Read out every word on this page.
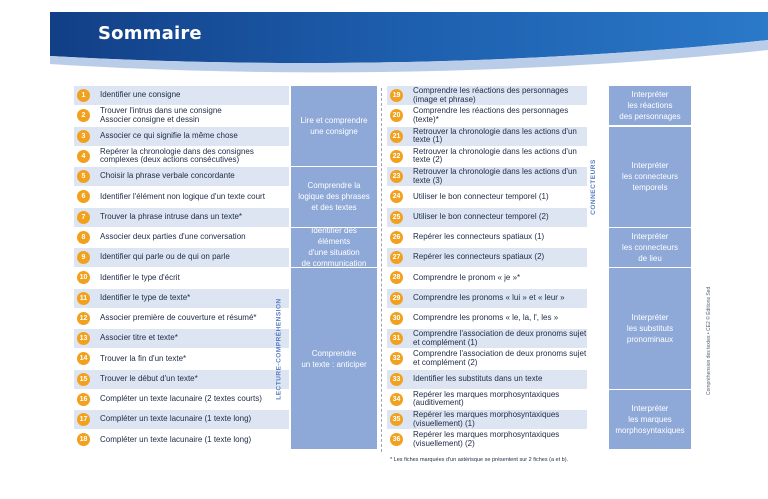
Sommaire
1	Identifier une consigne
2
Trouver l'intrus dans une consigne
Associer consigne et dessin
3	Associer ce qui signifie la même chose
4
Repérer la chronologie dans des consignes
complexes (deux actions consécutives)
5	Choisir la phrase verbale concordante
6	Identifier l'élément non logique d'un texte court
7	Trouver la phrase intruse dans un texte*
8	Associer deux parties d'une conversation
9	Identifier qui parle ou de qui on parle
10	Identifier le type d'écrit
11	Identifier le type de texte*
12	Associer première de couverture et résumé*
13	Associer titre et texte*
14	Trouver la fin d'un texte*
15	Trouver le début d'un texte*
16	Compléter un texte lacunaire (2 textes courts)
17	Compléter un texte lacunaire (1 texte long)
18	Compléter un texte lacunaire (1 texte long)
Lire et comprendre
une consigne
Comprendre la
logique des phrases
et des textes
Identifier des éléments
d'une situation
de communication
Comprendre
un texte : anticiper
LECTURE-COMPRÉHENSION
19
Comprendre les réactions des personnages
(image et phrase)
20
Comprendre les réactions des personnages
(texte)*
21
Retrouver la chronologie dans les actions d'un
texte (1)
22
Retrouver la chronologie dans les actions d'un
texte (2)
23
Retrouver la chronologie dans les actions d'un
texte (3)
24	Utiliser le bon connecteur temporel (1)
25	Utiliser le bon connecteur temporel (2)
26	Repérer les connecteurs spatiaux (1)
27	Repérer les connecteurs spatiaux (2)
28	Comprendre le pronom « je »*
29	Comprendre les pronoms « lui » et « leur »
30	Comprendre les pronoms « le, la, l', les »
31
Comprendre l'association de deux pronoms sujet
et complément (1)
32
Comprendre l'association de deux pronoms sujet
et complément (2)
33	Identifier les substituts dans un texte
34
Repérer les marques morphosyntaxiques
(auditivement)
35
Repérer les marques morphosyntaxiques
(visuellement) (1)
36
Repérer les marques morphosyntaxiques
(visuellement) (2)
Interpréter
les réactions
des personnages
Interpréter
les connecteurs
temporels
Interpréter
les connecteurs
de lieu
Interpréter
les substituts
pronominaux
Interpréter
les marques
morphosyntaxiques
CONNECTEURS
* Les fiches marquées d'un astérisque se présentent sur 2 fiches (a et b).
Compréhension des textes • CE2 © Éditions Sed
